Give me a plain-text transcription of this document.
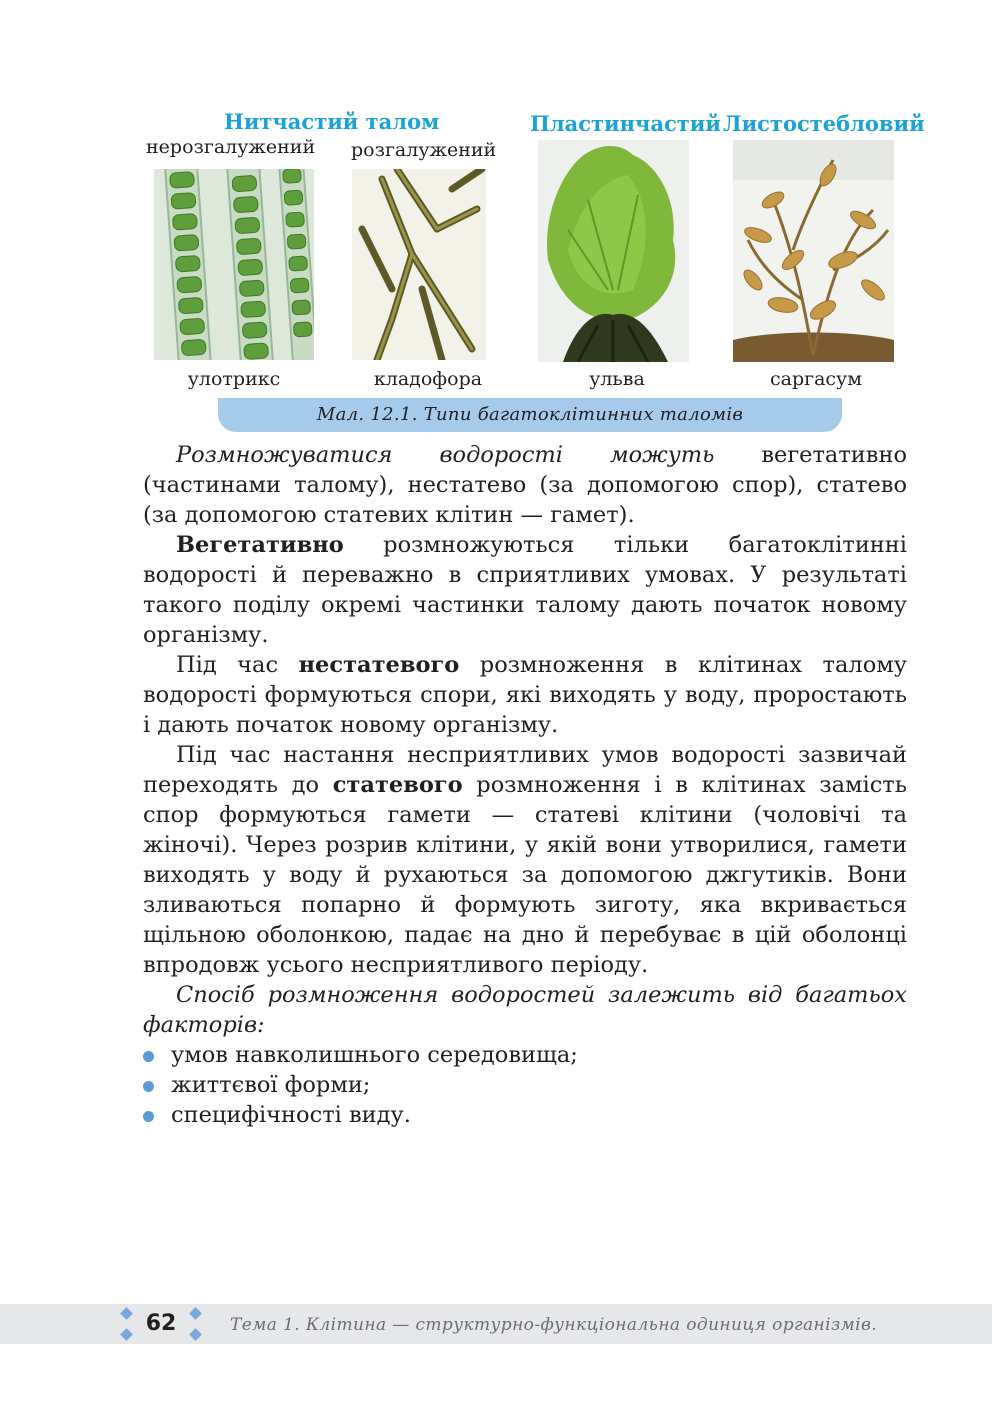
Нитчастий талом	Пластинчастий Листостебловий
нерозгалужений розгалужений
улотрикс	кладофора	ульва	саргасум
Мал. 12.1. Типи багатоклітинних таломів

Розмножуватися водорості можуть вегетативно (частинами талому), нестатево (за допомогою спор), статево (за допомогою статевих клітин — гамет).

Вегетативно розмножуються тільки багатоклітинні водорості й переважно в сприятливих умовах. У результаті такого поділу окремі частинки талому дають початок новому організму.

Під час нестатевого розмноження в клітинах талому водорості формуються спори, які виходять у воду, проростають і дають початок новому організму.

Під час настання несприятливих умов водорості зазвичай переходять до статевого розмноження і в клітинах замість спор формуються гамети — статеві клітини (чоловічі та жіночі). Через розрив клітини, у якій вони утворилися, гамети виходять у воду й рухаються за допомогою джгутиків. Вони зливаються попарно й формують зиготу, яка вкривається щільною оболонкою, падає на дно й перебуває в цій оболонці впродовж усього несприятливого періоду.

Спосіб розмноження водоростей залежить від багатьох факторів:

умов навколишнього середовища;
життєвої форми;
специфічності виду.
62	Тема 1. Клітина — структурно-функціональна одиниця організмів.
